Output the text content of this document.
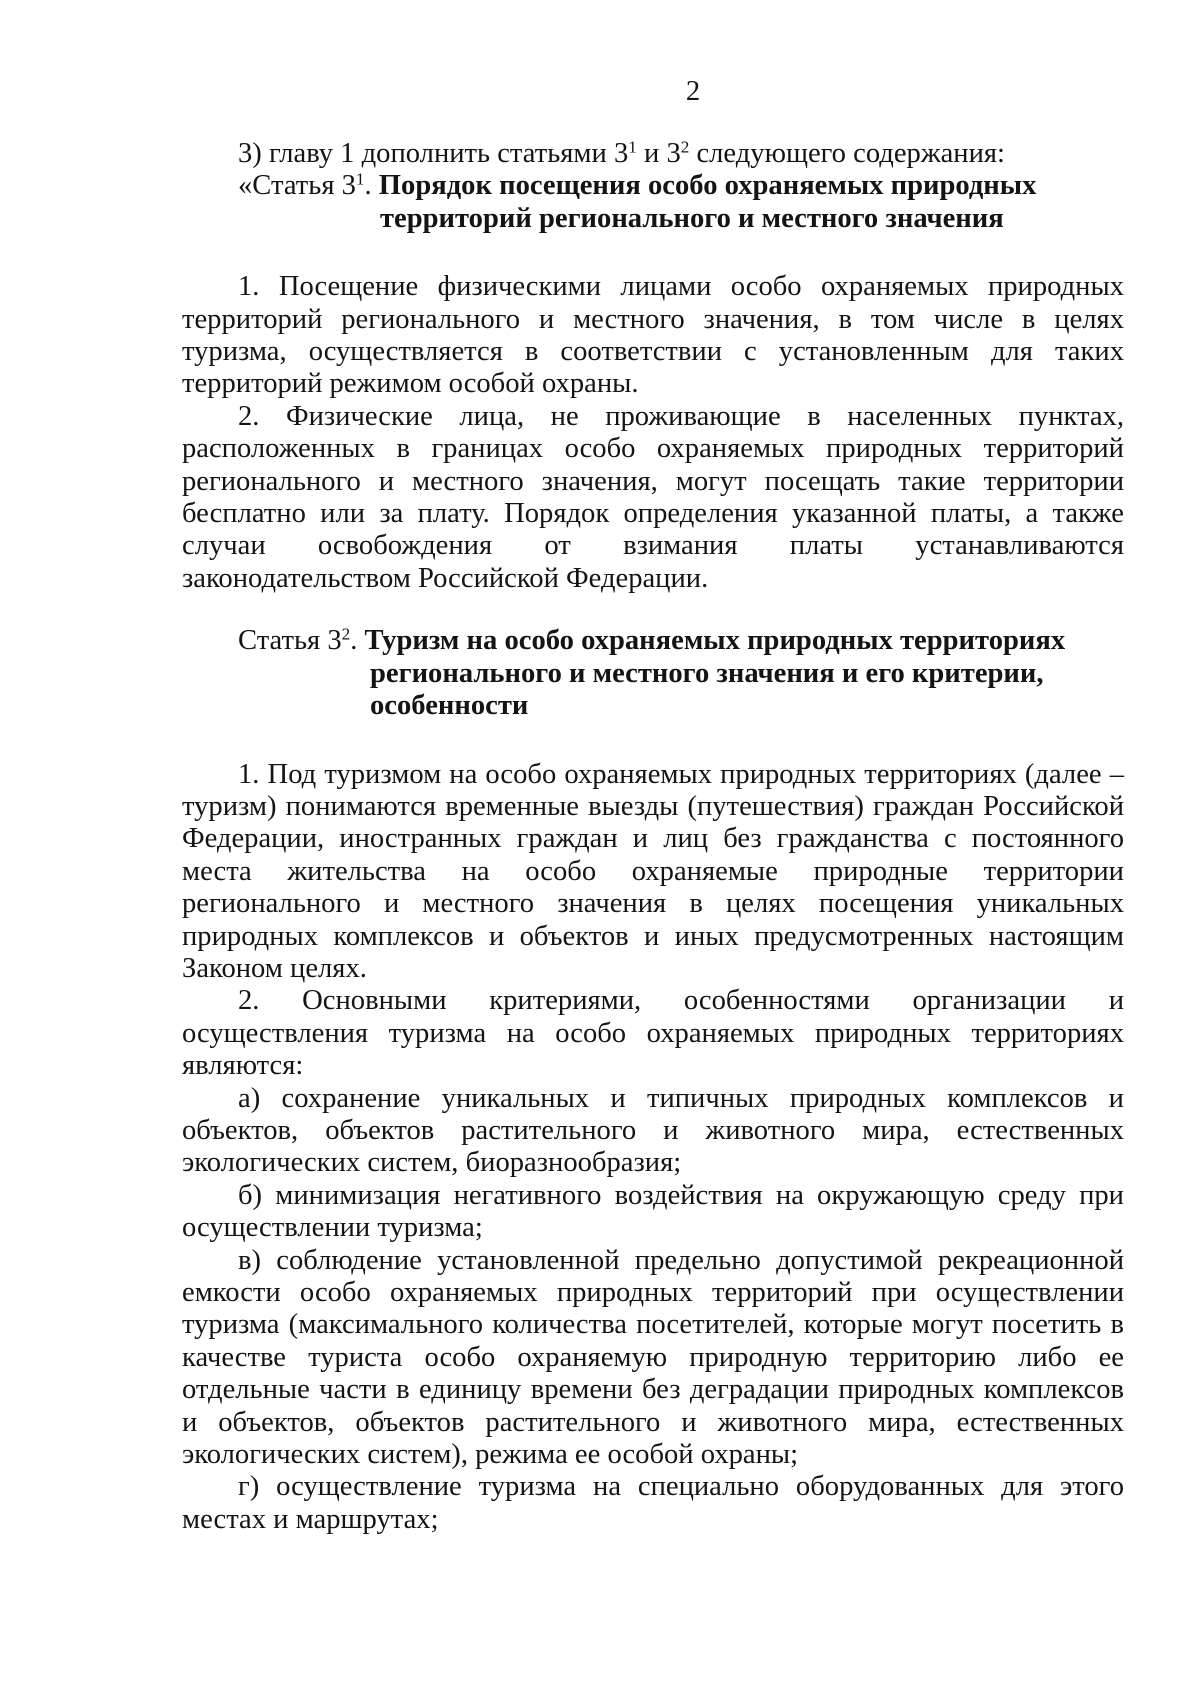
2

3) главу 1 дополнить статьями $3^1$ и $3^2$ следующего содержания:

«Статья $3^1$. Порядок посещения особо охраняемых природных
территорий регионального и местного значения

1. Посещение физическими лицами особо охраняемых природных территорий регионального и местного значения, в том числе в целях туризма, осуществляется в соответствии с установленным для таких территорий режимом особой охраны.

2. Физические лица, не проживающие в населенных пунктах, расположенных в границах особо охраняемых природных территорий регионального и местного значения, могут посещать такие территории бесплатно или за плату. Порядок определения указанной платы, а также случаи освобождения от взимания платы устанавливаются законодательством Российской Федерации.

Статья $3^2$. Туризм на особо охраняемых природных территориях
регионального и местного значения и его критерии,
особенности

1. Под туризмом на особо охраняемых природных территориях (далее – туризм) понимаются временные выезды (путешествия) граждан Российской Федерации, иностранных граждан и лиц без гражданства с постоянного места жительства на особо охраняемые природные территории регионального и местного значения в целях посещения уникальных природных комплексов и объектов и иных предусмотренных настоящим Законом целях.

2. Основными критериями, особенностями организации и осуществления туризма на особо охраняемых природных территориях являются:

а) сохранение уникальных и типичных природных комплексов и объектов, объектов растительного и животного мира, естественных экологических систем, биоразнообразия;

б) минимизация негативного воздействия на окружающую среду при осуществлении туризма;

в) соблюдение установленной предельно допустимой рекреационной емкости особо охраняемых природных территорий при осуществлении туризма (максимального количества посетителей, которые могут посетить в качестве туриста особо охраняемую природную территорию либо ее отдельные части в единицу времени без деградации природных комплексов и объектов, объектов растительного и животного мира, естественных экологических систем), режима ее особой охраны;

г) осуществление туризма на специально оборудованных для этого местах и маршрутах;
